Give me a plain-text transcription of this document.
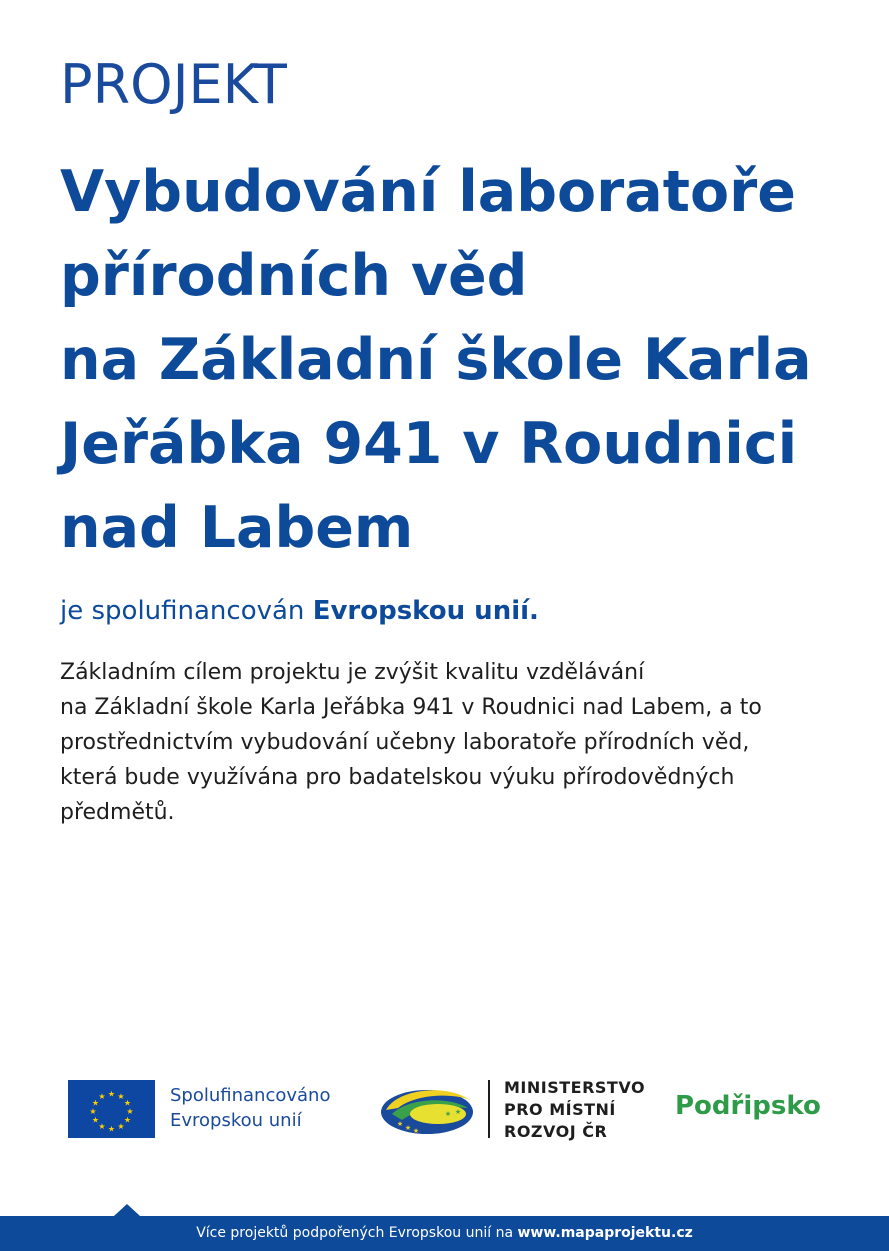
PROJEKT
Vybudování laboratoře
přírodních věd
na Základní škole Karla
Jeřábka 941 v Roudnici
nad Labem
je spolufinancován Evropskou unií.
Základním cílem projektu je zvýšit kvalitu vzdělávání
na Základní škole Karla Jeřábka 941 v Roudnici nad Labem, a to
prostřednictvím vybudování učebny laboratoře přírodních věd,
která bude využívána pro badatelskou výuku přírodovědných
předmětů.
★ ★
★
★
★
★
★
★
★
★
★
★	Spolufinancováno
Evropskou unií	★ ★ ★
★ ★
MINISTERSTVO
PRO MÍSTNÍ
ROZVOJ ČR
Podřipsko
Více projektů podpořených Evropskou unií na www.mapaprojektu.cz
